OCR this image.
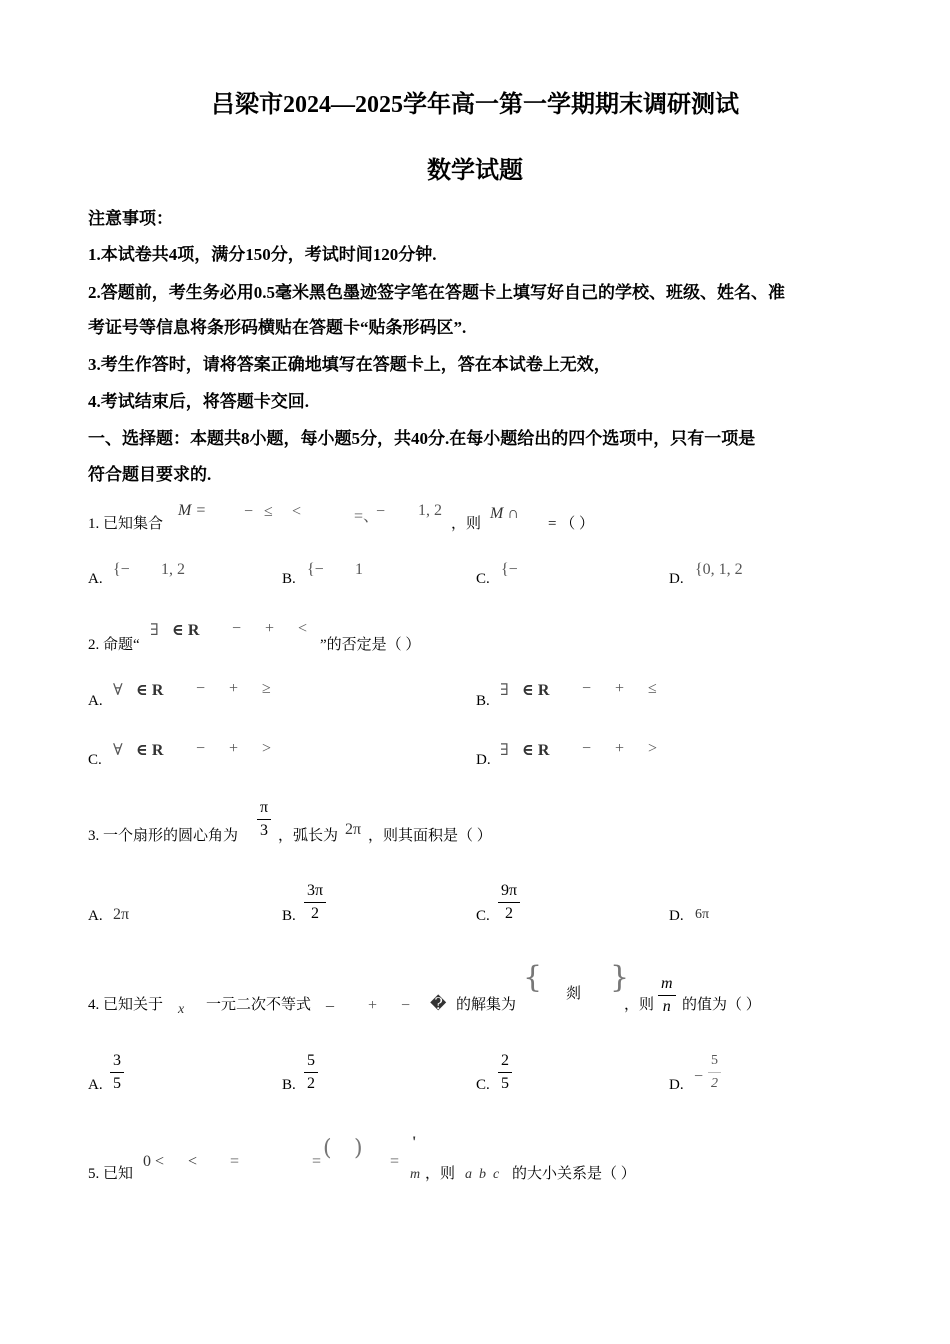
吕梁市2024—2025学年高一第一学期期末调研测试
数学试题
注意事项：
1.本试卷共4项，满分150分，考试时间120分钟.
2.答题前，考生务必用0.5毫米黑色墨迹签字笔在答题卡上填写好自己的学校、班级、姓名、准
考证号等信息将条形码横贴在答题卡“贴条形码区”.
3.考生作答时，请将答案正确地填写在答题卡上，答在本试卷上无效，
4.考试结束后，将答题卡交回.
一、选择题：本题共8小题，每小题5分，共40分.在每小题给出的四个选项中，只有一项是
符合题目要求的.
1. 已知集合
M = − ≤ <	=、
− 1, 2
，则
M ∩
= （ ）
A.
{− 1, 2
B.
{− 1
C.
{−
D.
{0, 1, 2
2. 命题“
∃ ∈ R −      +      <
”的否定是（ ）
A.
∀ ∈ R −      +      ≥
B.
∃ ∈ R −      +      ≤
C.
∀ ∈ R −      +      >
D.
∃ ∈ R −      +      >
3. 一个扇形的圆心角为 $\frac{\pi}{3}$ ，弧长为 2π ，则其面积是（ ）
A. 2π	B. $\frac{3\pi}{2}$	C. $\frac{9\pi}{2}$	D. 6π
4. 已知关于 x 一元二次不等式 _ +      − � 的解集为
{ 剡 }
，则 $\frac{m}{n}$ 的值为（ ）
A. $\frac{3}{5}$	B. $\frac{5}{2}$	C. $\frac{2}{5}$	D. − $\frac{5}{2}$
5. 已知
0 <      < =	=
( )
=
'
m ，则 a  b  c 的大小关系是（ ）
